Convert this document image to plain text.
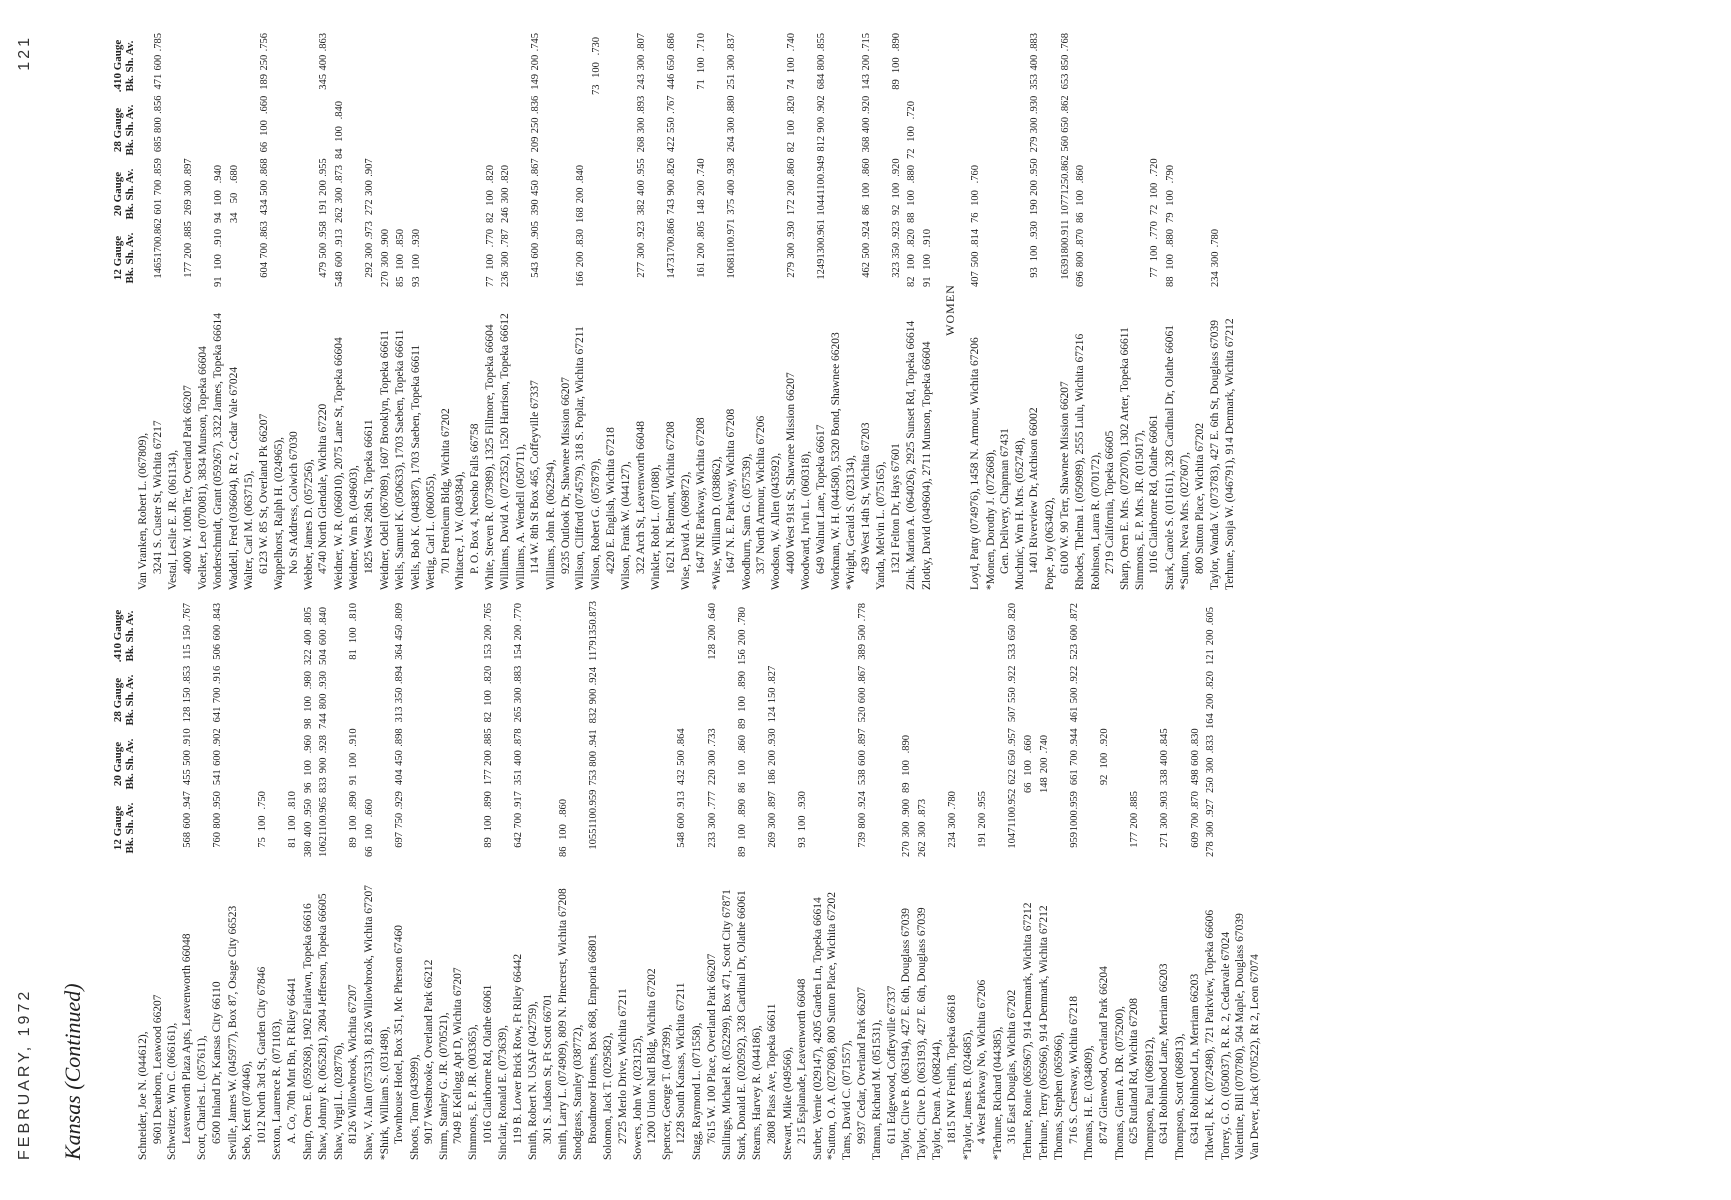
FEBRUARY, 1972
121
Kansas (Continued)
12 Gauge Bk. Sh. Av.
20 Gauge Bk. Sh. Av.
28 Gauge Bk. Sh. Av.
.410 Gauge Bk. Sh. Av.
Schneider, Joe N. (044612), 9601 Dearborn, Leawood 66207 Schweitzer, Wm C. (066161), Leavenworth Plaza Apts, Leavenworth 66048
568
600
.947
455
500
.910
128
150
.853
115
150
.767
Scott, Charles L. (057611), 6500 Inland Dr, Kansas City 66110
760
800
.950
541
600
.902
641
700
.916
506
600
.843
Seville, James W. (045977), Box 87, Osage City 66523 Sebo, Kent (074046), 1012 North 3rd St, Garden City 67846
75
100
.750
Sexton, Laurence R. (071103), A. Co, 70th Mnt Bn, Ft Riley 66441
81
100
.810
Sharp, Oren E. (059268), 1902 Fairlawn, Topeka 66616
380
400
.950
96
100
.960
98
100
.980
322
400
.805
Shaw, Johnny R. (065281), 2804 Jefferson, Topeka 66605
1062
1100
.965
833
900
.928
744
800
.930
504
600
.840
Shaw, Virgil L. (028776), 8126 Willowbrook, Wichita 67207
89
100
.890
91
100
.910
81
100
.810
Shaw, V. Alan (075313), 8126 Willowbrook, Wichita 67207
66
100
.660
*Shirk, William S. (031498), Townhouse Hotel, Box 351, Mc Pherson 67460
697
750
.929
404
450
.898
313
350
.894
364
450
.809
Shoots, Tom (043999), 9017 Westbrooke, Overland Park 66212 Simm, Stanley G. JR. (070521), 7049 E Kellogg Apt D, Wichita 67207 Simmons, E. P. JR. (003365), 1016 Clairborne Rd, Olathe 66061
89
100
.890
177
200
.885
82
100
.820
153
200
.765
Sinclair, Ronald E. (073639), 119 B. Lower Brick Row, Ft Riley 66442
642
700
.917
351
400
.878
265
300
.883
154
200
.770
Smith, Robert N. USAF (042759), 301 S. Judson St, Ft Scott 66701 Smith, Larry L. (074909), 809 N. Pinecrest, Wichita 67208
86
100
.860
Snodgrass, Stanley (038772), Broadmoor Homes, Box 868, Emporia 66801
1055
1100
.959
753
800
.941
832
900
.924
1179
1350
.873
Solomon, Jack T. (029582), 2725 Merlo Drive, Wichita 67211 Sowers, John W. (023125), 1200 Union Natl Bldg, Wichita 67202 Spencer, George T. (047399), 1228 South Kansas, Wichita 67211
548
600
.913
432
500
.864
Stagg, Raymond L. (071558), 7615 W. 100 Place, Overland Park 66207
233
300
.777
220
300
.733
128
200
.640
Stallings, Michael R. (052299), Box 471, Scott City 67871 Stark, Donald E. (020592), 328 Cardinal Dr, Olathe 66061
89
100
.890
86
100
.860
89
100
.890
156
200
.780
Stearns, Harvey R. (044186), 2808 Plass Ave, Topeka 66611
269
300
.897
186
200
.930
124
150
.827
Stewart, Mike (049566), 215 Esplanade, Leavenworth 66048
93
100
.930
Surber, Vernie (029147), 4205 Garden Ln, Topeka 66614 *Sutton, O. A. (027608), 800 Sutton Place, Wichita 67202 Tams, David C. (071557), 9937 Cedar, Overland Park 66207
739
800
.924
538
600
.897
520
600
.867
389
500
.778
Tatman, Richard M. (051531), 611 Edgewood, Coffeyville 67337 Taylor, Clive B. (063194), 427 E. 6th, Douglass 67039
270
300
.900
89
100
.890
Taylor, Clive D. (063193), 427 E. 6th, Douglass 67039
262
300
.873
Taylor, Dean A. (068244), 1815 NW Freilth, Topeka 66618
234
300
.780
*Taylor, James B. (024685), 4 West Parkway No, Wichita 67206
191
200
.955
*Terhune, Richard (044385), 316 East Douglas, Wichita 67202
1047
1100
.952
622
650
.957
507
550
.922
533
650
.820
Terhune, Ronie (065967), 914 Denmark, Wichita 67212
66
100
.660
Terhune, Terry (065966), 914 Denmark, Wichita 67212
148
200
.740
Thomas, Stephen (065966), 716 S. Crestway, Wichita 67218
959
1000
.959
661
700
.944
461
500
.922
523
600
.872
Thomas, H. E. (034809), 8747 Glenwood, Overland Park 66204
92
100
.920
Thomas, Glenn A. DR. (075200), 625 Rutland Rd, Wichita 67208
177
200
.885
Thompson, Paul (068912), 6341 Robinhood Lane, Merriam 66203
271
300
.903
338
400
.845
Thompson, Scott (068913), 6341 Robinhood Ln, Merriam 66203
609
700
.870
498
600
.830
Tidwell, R. K. (072498), 721 Parkview, Topeka 66606
278
300
.927
250
300
.833
164
200
.820
121
200
.605
Torrey, G. O. (050037), R. R. 2, Cedarvale 67024 Valentine, Bill (070780), 504 Maple, Douglass 67039 Van Dever, Jack (070522), Rt 2, Leon 67074
12 Gauge Bk. Sh. Av.
20 Gauge Bk. Sh. Av.
28 Gauge Bk. Sh. Av.
.410 Gauge Bk. Sh. Av.
Van Vranken, Robert L. (067809), 3241 S. Custer St, Wichita 67217
1465
1700
.862
601
700
.859
685
800
.856
471
600
.785
Vestal, Leslie E. JR. (061134), 4000 W. 100th Ter, Overland Park 66207
177
200
.885
269
300
.897
Voelker, Leo (070081), 3834 Munson, Topeka 66604 Vonderschmidt, Grant (059267), 3322 James, Topeka 66614
91
100
.910
94
100
.940
Waddell, Fred (036604), Rt 2, Cedar Vale 67024
34
50
.680
Walter, Carl M. (063715), 6123 W. 85 St, Overland Pk 66207
604
700
.863
434
500
.868
66
100
.660
189
250
.756
Wappelhorst, Ralph H. (024965), No St Address, Colwich 67030 Webber, James D. (057256), 4740 North Glendale, Wichita 67220
479
500
.958
191
200
.955
345
400
.863
Weidner, W. R. (066010), 2075 Lane St, Topeka 66604
548
600
.913
262
300
.873
84
100
.840
Weidner, Wm B. (049603), 1825 West 26th St, Topeka 66611
292
300
.973
272
300
.907
Weidner, Odell (067089), 1607 Brooklyn, Topeka 66611
270
300
.900
Wells, Samuel K. (050633), 1703 Saeben, Topeka 66611
85
100
.850
Wells, Bob K. (048387), 1703 Saeben, Topeka 66611
93
100
.930
Wettig, Carl L. (060055), 701 Petroleum Bldg, Wichita 67202 Whitacre, J. W. (049384), P. O. Box 4, Neosho Falls 66758 White, Steven R. (073989), 1325 Fillmore, Topeka 66604
77
100
.770
82
100
.820
Williams, David A. (072352), 1520 Harrison, Topeka 66612
236
300
.787
246
300
.820
Williams, A. Wendell (050711), 114 W. 8th St Box 465, Coffeyville 67337
543
600
.905
390
450
.867
209
250
.836
149
200
.745
Williams, John R. (062294), 9235 Outlook Dr, Shawnee Mission 66207 Willson, Clifford (074579), 318 S. Poplar, Wichita 67211
166
200
.830
168
200
.840
Wilson, Robert G. (057879),
73
100
.730
4220 E. English, Wichita 67218 Wilson, Frank W. (044127), 322 Arch St, Leavenworth 66048
277
300
.923
382
400
.955
268
300
.893
243
300
.807
Winkler, Robt L. (071088), 1621 N. Belmont, Wichita 67208
1473
1700
.866
743
900
.826
422
550
.767
446
650
.686
Wise, David A. (069872), 1647 NE Parkway, Wichita 67208
161
200
.805
148
200
.740
71
100
.710
*Wise, William D. (038862), 1647 N. E. Parkway, Wichita 67208
1068
1100
.971
375
400
.938
264
300
.880
251
300
.837
Woodburn, Sam G. (057539), 337 North Armour, Wichita 67206 Woodson, W. Allen (043592), 4400 West 91st St, Shawnee Mission 66207
279
300
.930
172
200
.860
82
100
.820
74
100
.740
Woodward, Irvin L. (060318), 649 Walnut Lane, Topeka 66617
1249
1300
.961
1044
1100
.949
812
900
.902
684
800
.855
Workman, W. H. (044580), 5320 Bond, Shawnee 66203 *Wright, Gerald S. (023134), 439 West 14th St, Wichita 67203
462
500
.924
86
100
.860
368
400
.920
143
200
.715
Yanda, Melvin L. (075165), 1321 Felton Dr, Hays 67601
323
350
.923
92
100
.920
89
100
.890
Zink, Marion A. (064026), 2925 Sunset Rd, Topeka 66614
82
100
.820
88
100
.880
72
100
.720
Zlotky, David (049604), 2711 Munson, Topeka 66604
91
100
.910
WOMEN
Loyd, Patty (074976), 1458 N. Armour, Wichita 67206
407
500
.814
76
100
.760
*Monen, Dorothy J. (072668), Gen. Delivery, Chapman 67431 Muchnic, Wm H. Mrs. (052748), 1401 Riverview Dr, Atchison 66002
93
100
.930
190
200
.950
279
300
.930
353
400
.883
Pope, Joy (063402), 6100 W. 90 Terr, Shawnee Mission 66207
1639
1800
.911
1077
1250
.862
560
650
.862
653
850
.768
Rhodes, Thelma I. (050989), 2555 Lulu, Wichita 67216
696
800
.870
86
100
.860
Robinson, Laura R. (070172), 2719 California, Topeka 66605 Sharp, Oren E. Mrs. (072070), 1302 Arter, Topeka 66611 Simmons, E. P. Mrs. JR. (015017), 1016 Clairborne Rd, Olathe 66061
77
100
.770
72
100
.720
Stark, Carole S. (011611), 328 Cardinal Dr, Olathe 66061
88
100
.880
79
100
.790
*Sutton, Neva Mrs. (027607), 800 Sutton Place, Wichita 67202 Taylor, Wanda V. (073783), 427 E. 6th St, Douglass 67039
234
300
.780
Terhune, Sonja W. (046791), 914 Denmark, Wichita 67212
